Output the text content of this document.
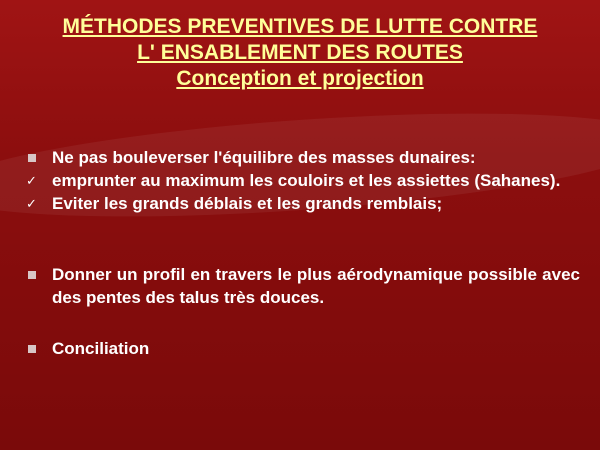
MÉTHODES PREVENTIVES DE LUTTE CONTRE
L' ENSABLEMENT DES ROUTES
Conception et projection
Ne pas bouleverser l'équilibre des masses dunaires:
✓ emprunter au maximum les couloirs et les assiettes (Sahanes).
✓ Eviter les grands déblais et les grands remblais;
Donner un profil en travers le plus aérodynamique possible avec des pentes des talus très douces.
Conciliation
